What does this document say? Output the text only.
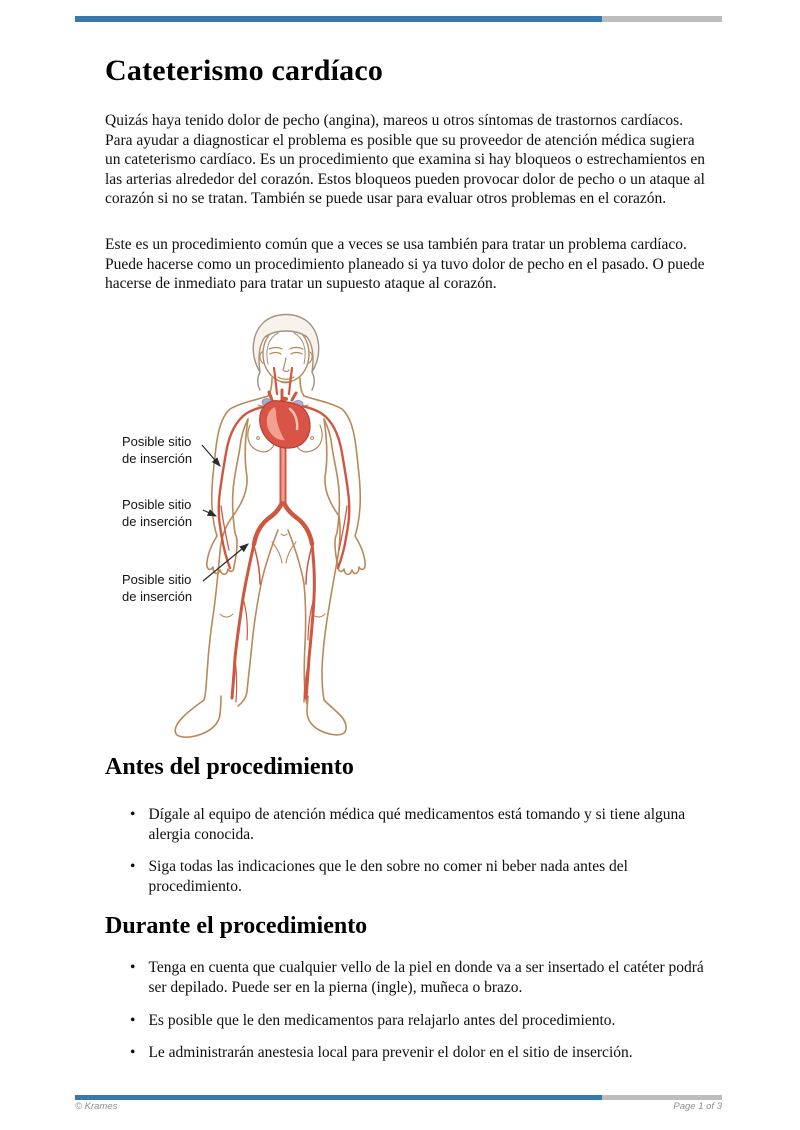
Cateterismo cardíaco

Quizás haya tenido dolor de pecho (angina), mareos u otros síntomas de trastornos cardíacos. Para ayudar a diagnosticar el problema es posible que su proveedor de atención médica sugiera un cateterismo cardíaco. Es un procedimiento que examina si hay bloqueos o estrechamientos en las arterias alrededor del corazón. Estos bloqueos pueden provocar dolor de pecho o un ataque al corazón si no se tratan. También se puede usar para evaluar otros problemas en el corazón.

Este es un procedimiento común que a veces se usa también para tratar un problema cardíaco. Puede hacerse como un procedimiento planeado si ya tuvo dolor de pecho en el pasado. O puede hacerse de inmediato para tratar un supuesto ataque al corazón.

Posible sitio de inserción
Posible sitio de inserción
Posible sitio de inserción
Antes del procedimiento
• Dígale al equipo de atención médica qué medicamentos está tomando y si tiene alguna alergia conocida.
• Siga todas las indicaciones que le den sobre no comer ni beber nada antes del procedimiento.
Durante el procedimiento
• Tenga en cuenta que cualquier vello de la piel en donde va a ser insertado el catéter podrá ser depilado. Puede ser en la pierna (ingle), muñeca o brazo.
• Es posible que le den medicamentos para relajarlo antes del procedimiento.
• Le administrarán anestesia local para prevenir el dolor en el sitio de inserción.
© Krames	Page 1 of 3
